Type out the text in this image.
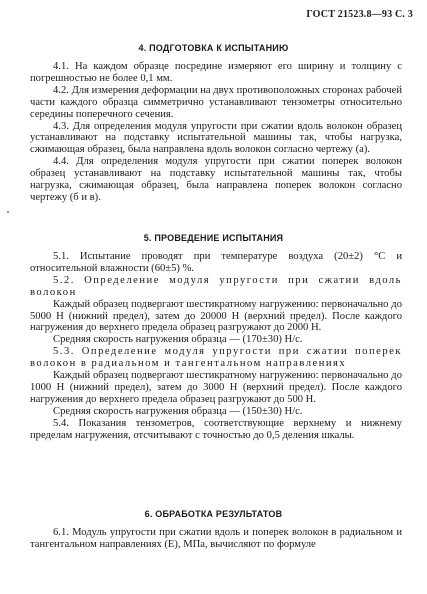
ГОСТ 21523.8—93 С. 3
4. ПОДГОТОВКА К ИСПЫТАНИЮ

4.1. На каждом образце посредине измеряют его ширину и толщину с погрешностью не более 0,1 мм.

4.2. Для измерения деформации на двух противоположных сторонах рабочей части каждого образца симметрично устанавливают тензометры относительно середины поперечного сечения.

4.3. Для определения модуля упругости при сжатии вдоль волокон образец устанавливают на подставку испытательной машины так, чтобы нагрузка, сжимающая образец, была направлена вдоль волокон согласно чертежу (а).

4.4. Для определения модуля упругости при сжатии поперек волокон образец устанавливают на подставку испытательной машины так, чтобы нагрузка, сжимающая образец, была направлена поперек волокон согласно чертежу (б и в).

5. ПРОВЕДЕНИЕ ИСПЫТАНИЯ

5.1. Испытание проводят при температуре воздуха (20±2) °С и относительной влажности (60±5) %.

5.2. Определение модуля упругости при сжатии вдоль волокон

Каждый образец подвергают шестикратному нагружению: первоначально до 5000 Н (нижний предел), затем до 20000 Н (верхний предел). После каждого нагружения до верхнего предела образец разгружают до 2000 Н.

Средняя скорость нагружения образца — (170±30) Н/с.

5.3. Определение модуля упругости при сжатии поперек волокон в радиальном и тангентальном направлениях

Каждый образец подвергают шестикратному нагружению: первоначально до 1000 Н (нижний предел), затем до 3000 Н (верхний предел). После каждого нагружения до верхнего предела образец разгружают до 500 Н.

Средняя скорость нагружения образца — (150±30) Н/с.

5.4. Показания тензометров, соответствующие верхнему и нижнему пределам нагружения, отсчитывают с точностью до 0,5 деления шкалы.

6. ОБРАБОТКА РЕЗУЛЬТАТОВ

6.1. Модуль упругости при сжатии вдоль и поперек волокон в радиальном и тангентальном направлениях (Е), МПа, вычисляют по формуле
